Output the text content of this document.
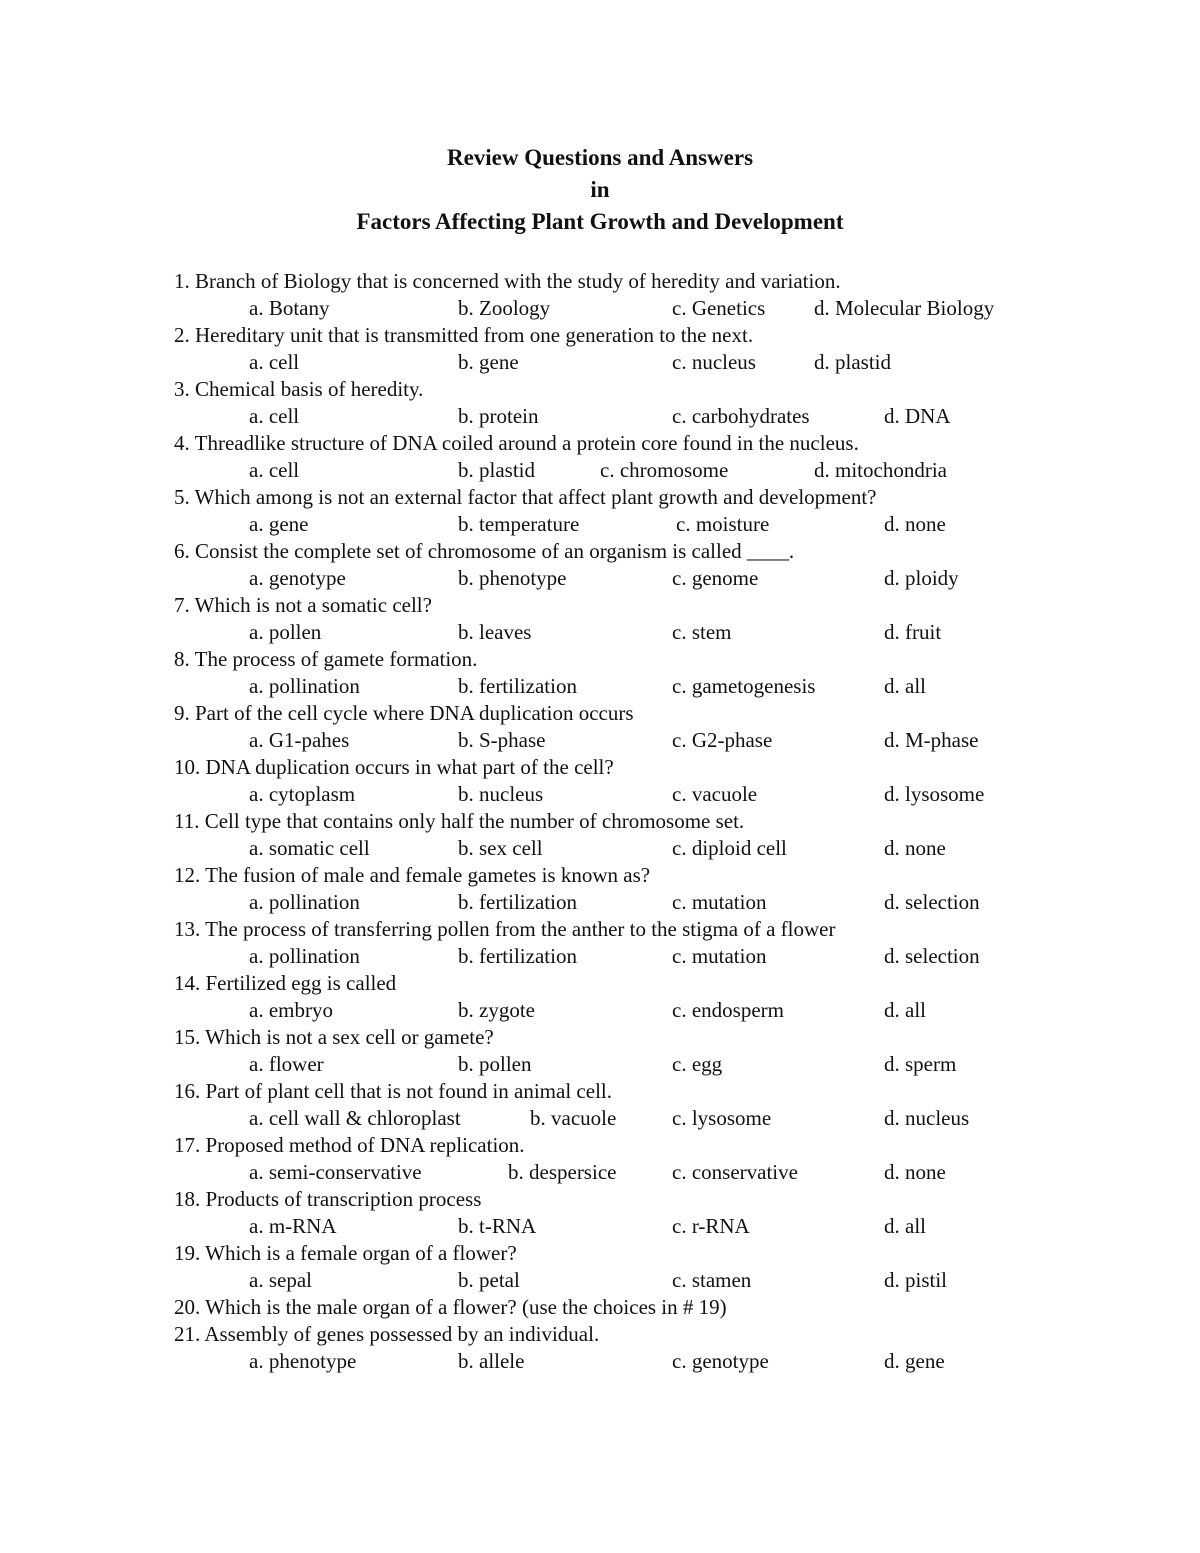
Review Questions and Answers
in
Factors Affecting Plant Growth and Development
1. Branch of Biology that is concerned with the study of heredity and variation.
a. Botany	b. Zoology	c. Genetics d. Molecular Biology
2. Hereditary unit that is transmitted from one generation to the next.
a. cell	b. gene	c. nucleus	d. plastid
3. Chemical basis of heredity.
a. cell	b. protein	c. carbohydrates	d. DNA
4. Threadlike structure of DNA coiled around a protein core found in the nucleus.
a. cell	b. plastid	c. chromosome	d. mitochondria
5. Which among is not an external factor that affect plant growth and development?
a. gene	b. temperature	c. moisture	d. none
6. Consist the complete set of chromosome of an organism is called ____.
a. genotype	b. phenotype	c. genome	d. ploidy
7. Which is not a somatic cell?
a. pollen	b. leaves	c. stem	d. fruit
8. The process of gamete formation.
a. pollination	b. fertilization	c. gametogenesis	d. all
9. Part of the cell cycle where DNA duplication occurs
a. G1-pahes	b. S-phase	c. G2-phase	d. M-phase
10. DNA duplication occurs in what part of the cell?
a. cytoplasm	b. nucleus	c. vacuole	d. lysosome
11. Cell type that contains only half the number of chromosome set.
a. somatic cell	b. sex cell	c. diploid cell	d. none
12. The fusion of male and female gametes is known as?
a. pollination	b. fertilization	c. mutation	d. selection
13. The process of transferring pollen from the anther to the stigma of a flower
a. pollination	b. fertilization	c. mutation	d. selection
14. Fertilized egg is called
a. embryo	b. zygote	c. endosperm	d. all
15. Which is not a sex cell or gamete?
a. flower	b. pollen	c. egg	d. sperm
16. Part of plant cell that is not found in animal cell.
a. cell wall & chloroplast	b. vacuole	c. lysosome	d. nucleus
17. Proposed method of DNA replication.
a. semi-conservative	b. despersice	c. conservative	d. none
18. Products of transcription process
a. m-RNA	b. t-RNA	c. r-RNA	d. all
19. Which is a female organ of a flower?
a. sepal	b. petal	c. stamen	d. pistil
20. Which is the male organ of a flower? (use the choices in # 19)
21. Assembly of genes possessed by an individual.
a. phenotype	b. allele	c. genotype	d. gene
